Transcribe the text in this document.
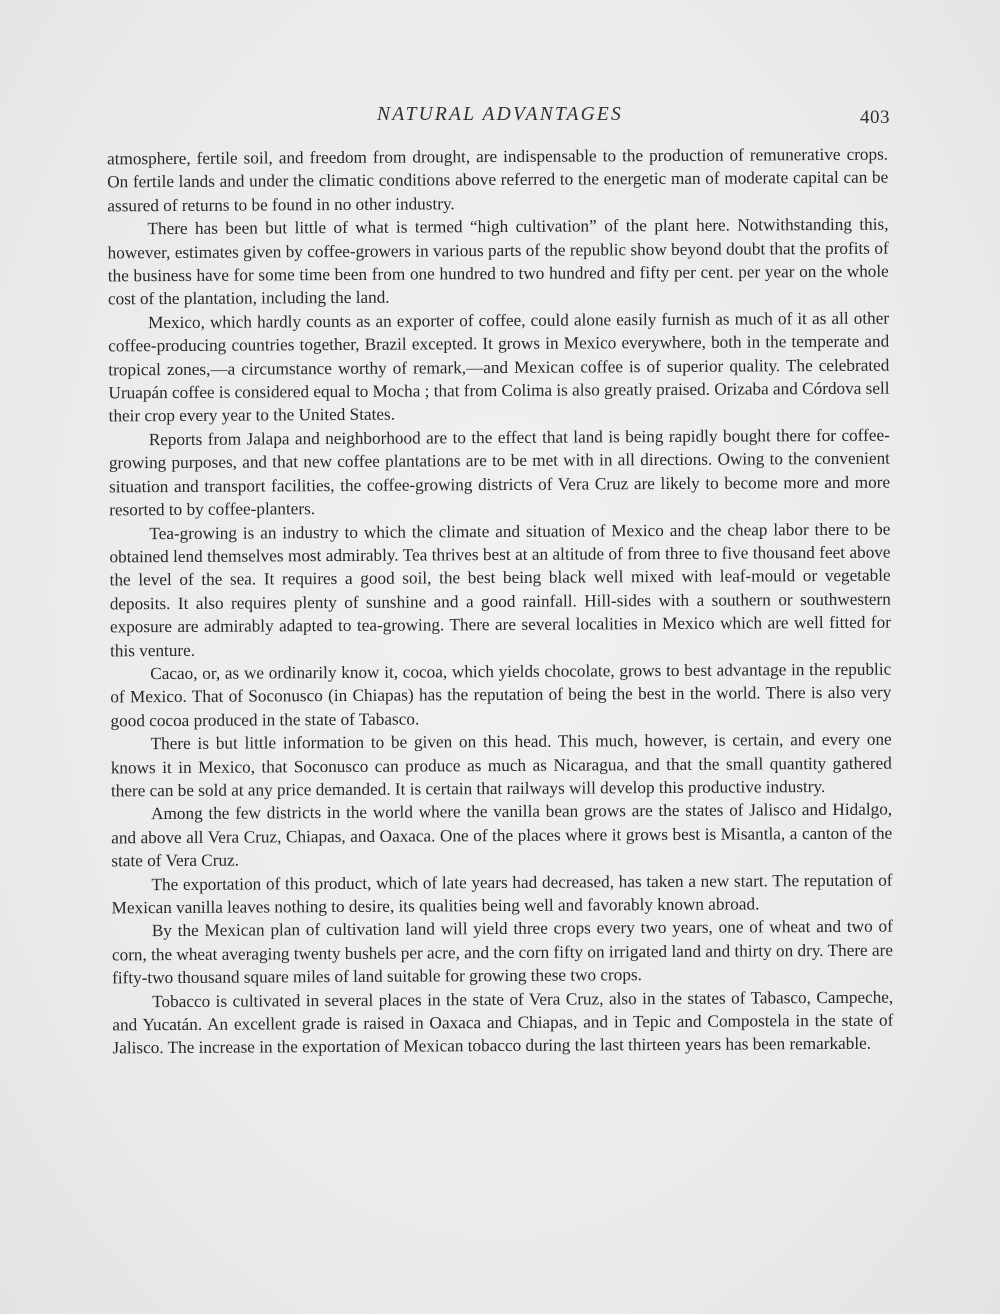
NATURAL ADVANTAGES	403

atmosphere, fertile soil, and freedom from drought, are indispensable to the production of remunerative crops. On fertile lands and under the climatic conditions above referred to the energetic man of moderate capital can be assured of returns to be found in no other industry.

There has been but little of what is termed “high cultivation” of the plant here. Notwithstanding this, however, estimates given by coffee-growers in various parts of the republic show beyond doubt that the profits of the business have for some time been from one hundred to two hundred and fifty per cent. per year on the whole cost of the plantation, including the land.

Mexico, which hardly counts as an exporter of coffee, could alone easily furnish as much of it as all other coffee-producing countries together, Brazil excepted. It grows in Mexico everywhere, both in the temperate and tropical zones,—a circumstance worthy of remark,—and Mexican coffee is of superior quality. The celebrated Uruapán coffee is considered equal to Mocha ; that from Colima is also greatly praised. Orizaba and Córdova sell their crop every year to the United States.

Reports from Jalapa and neighborhood are to the effect that land is being rapidly bought there for coffee-growing purposes, and that new coffee plantations are to be met with in all directions. Owing to the convenient situation and transport facilities, the coffee-growing districts of Vera Cruz are likely to become more and more resorted to by coffee-planters.

Tea-growing is an industry to which the climate and situation of Mexico and the cheap labor there to be obtained lend themselves most admirably. Tea thrives best at an altitude of from three to five thousand feet above the level of the sea. It requires a good soil, the best being black well mixed with leaf-mould or vegetable deposits. It also requires plenty of sunshine and a good rainfall. Hill-sides with a southern or southwestern exposure are admirably adapted to tea-growing. There are several localities in Mexico which are well fitted for this venture.

Cacao, or, as we ordinarily know it, cocoa, which yields chocolate, grows to best advantage in the republic of Mexico. That of Soconusco (in Chiapas) has the reputation of being the best in the world. There is also very good cocoa produced in the state of Tabasco.

There is but little information to be given on this head. This much, however, is certain, and every one knows it in Mexico, that Soconusco can produce as much as Nicaragua, and that the small quantity gathered there can be sold at any price demanded. It is certain that railways will develop this productive industry.

Among the few districts in the world where the vanilla bean grows are the states of Jalisco and Hidalgo, and above all Vera Cruz, Chiapas, and Oaxaca. One of the places where it grows best is Misantla, a canton of the state of Vera Cruz.

The exportation of this product, which of late years had decreased, has taken a new start. The reputation of Mexican vanilla leaves nothing to desire, its qualities being well and favorably known abroad.

By the Mexican plan of cultivation land will yield three crops every two years, one of wheat and two of corn, the wheat averaging twenty bushels per acre, and the corn fifty on irrigated land and thirty on dry. There are fifty-two thousand square miles of land suitable for growing these two crops.

Tobacco is cultivated in several places in the state of Vera Cruz, also in the states of Tabasco, Campeche, and Yucatán. An excellent grade is raised in Oaxaca and Chiapas, and in Tepic and Compostela in the state of Jalisco. The increase in the exportation of Mexican tobacco during the last thirteen years has been remarkable.
